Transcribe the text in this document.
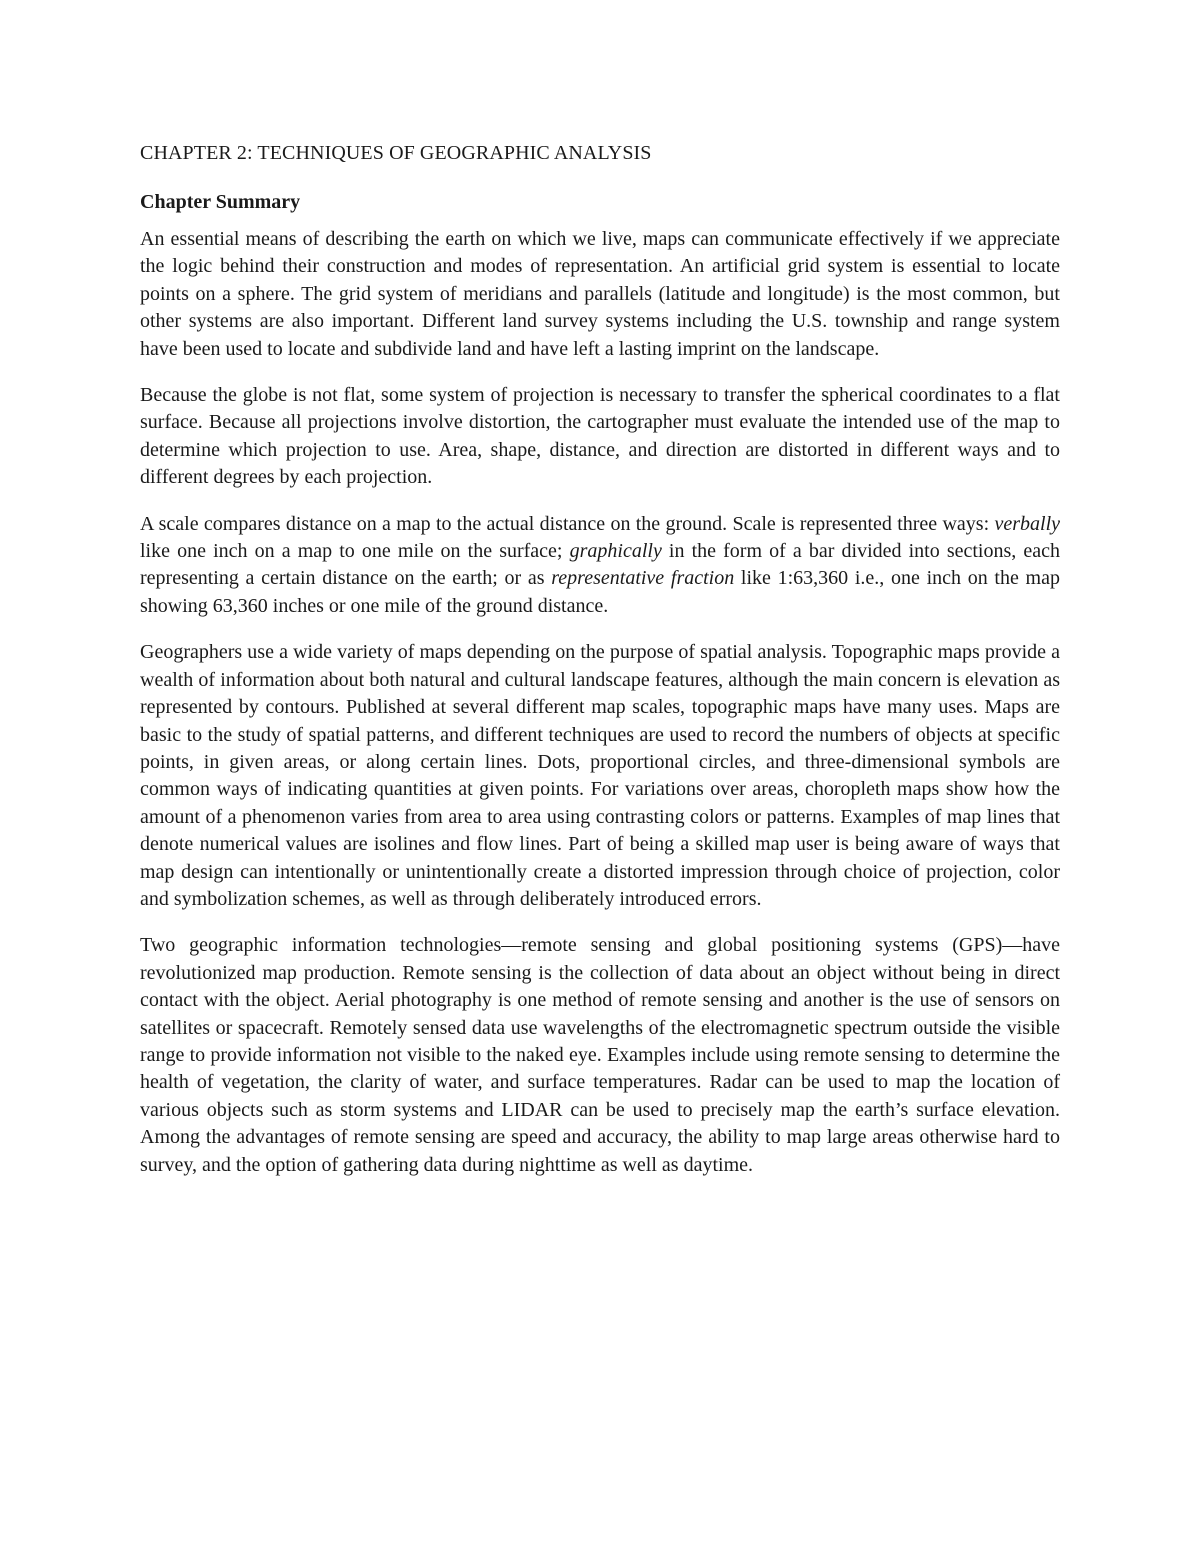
CHAPTER 2: TECHNIQUES OF GEOGRAPHIC ANALYSIS

Chapter Summary

An essential means of describing the earth on which we live, maps can communicate effectively if we appreciate the logic behind their construction and modes of representation. An artificial grid system is essential to locate points on a sphere. The grid system of meridians and parallels (latitude and longitude) is the most common, but other systems are also important. Different land survey systems including the U.S. township and range system have been used to locate and subdivide land and have left a lasting imprint on the landscape.

Because the globe is not flat, some system of projection is necessary to transfer the spherical coordinates to a flat surface. Because all projections involve distortion, the cartographer must evaluate the intended use of the map to determine which projection to use. Area, shape, distance, and direction are distorted in different ways and to different degrees by each projection.

A scale compares distance on a map to the actual distance on the ground. Scale is represented three ways: verbally like one inch on a map to one mile on the surface; graphically in the form of a bar divided into sections, each representing a certain distance on the earth; or as representative fraction like 1:63,360 i.e., one inch on the map showing 63,360 inches or one mile of the ground distance.

Geographers use a wide variety of maps depending on the purpose of spatial analysis. Topographic maps provide a wealth of information about both natural and cultural landscape features, although the main concern is elevation as represented by contours. Published at several different map scales, topographic maps have many uses. Maps are basic to the study of spatial patterns, and different techniques are used to record the numbers of objects at specific points, in given areas, or along certain lines. Dots, proportional circles, and three-dimensional symbols are common ways of indicating quantities at given points. For variations over areas, choropleth maps show how the amount of a phenomenon varies from area to area using contrasting colors or patterns. Examples of map lines that denote numerical values are isolines and flow lines. Part of being a skilled map user is being aware of ways that map design can intentionally or unintentionally create a distorted impression through choice of projection, color and symbolization schemes, as well as through deliberately introduced errors.

Two geographic information technologies—remote sensing and global positioning systems (GPS)—have revolutionized map production. Remote sensing is the collection of data about an object without being in direct contact with the object. Aerial photography is one method of remote sensing and another is the use of sensors on satellites or spacecraft. Remotely sensed data use wavelengths of the electromagnetic spectrum outside the visible range to provide information not visible to the naked eye. Examples include using remote sensing to determine the health of vegetation, the clarity of water, and surface temperatures. Radar can be used to map the location of various objects such as storm systems and LIDAR can be used to precisely map the earth’s surface elevation. Among the advantages of remote sensing are speed and accuracy, the ability to map large areas otherwise hard to survey, and the option of gathering data during nighttime as well as daytime.
